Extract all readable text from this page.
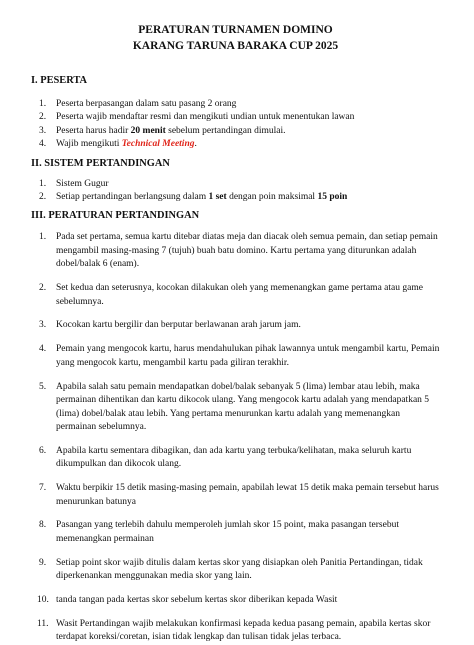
PERATURAN TURNAMEN DOMINO
KARANG TARUNA BARAKA CUP 2025
I. PESERTA
1. Peserta berpasangan dalam satu pasang 2 orang
2. Peserta wajib mendaftar resmi dan mengikuti undian untuk menentukan lawan
3. Peserta harus hadir 20 menit sebelum pertandingan dimulai.
4. Wajib mengikuti Technical Meeting.
II. SISTEM PERTANDINGAN
1. Sistem Gugur
2. Setiap pertandingan berlangsung dalam 1 set dengan poin maksimal 15 poin
III. PERATURAN PERTANDINGAN
1. Pada set pertama, semua kartu ditebar diatas meja dan diacak oleh semua pemain, dan setiap pemain mengambil masing-masing 7 (tujuh) buah batu domino. Kartu pertama yang diturunkan adalah dobel/balak 6 (enam).
2. Set kedua dan seterusnya, kocokan dilakukan oleh yang memenangkan game pertama atau game sebelumnya.
3. Kocokan kartu bergilir dan berputar berlawanan arah jarum jam.
4. Pemain yang mengocok kartu, harus mendahulukan pihak lawannya untuk mengambil kartu, Pemain yang mengocok kartu, mengambil kartu pada giliran terakhir.
5. Apabila salah satu pemain mendapatkan dobel/balak sebanyak 5 (lima) lembar atau lebih, maka permainan dihentikan dan kartu dikocok ulang. Yang mengocok kartu adalah yang mendapatkan 5 (lima) dobel/balak atau lebih. Yang pertama menurunkan kartu adalah yang memenangkan permainan sebelumnya.
6. Apabila kartu sementara dibagikan, dan ada kartu yang terbuka/kelihatan, maka seluruh kartu dikumpulkan dan dikocok ulang.
7. Waktu berpikir 15 detik masing-masing pemain, apabilah lewat 15 detik maka pemain tersebut harus menurunkan batunya
8. Pasangan yang terlebih dahulu memperoleh jumlah skor 15 point, maka pasangan tersebut memenangkan permainan
9. Setiap point skor wajib ditulis dalam kertas skor yang disiapkan oleh Panitia Pertandingan, tidak diperkenankan menggunakan media skor yang lain.
10. tanda tangan pada kertas skor sebelum kertas skor diberikan kepada Wasit
11. Wasit Pertandingan wajib melakukan konfirmasi kepada kedua pasang pemain, apabila kertas skor terdapat koreksi/coretan, isian tidak lengkap dan tulisan tidak jelas terbaca.
